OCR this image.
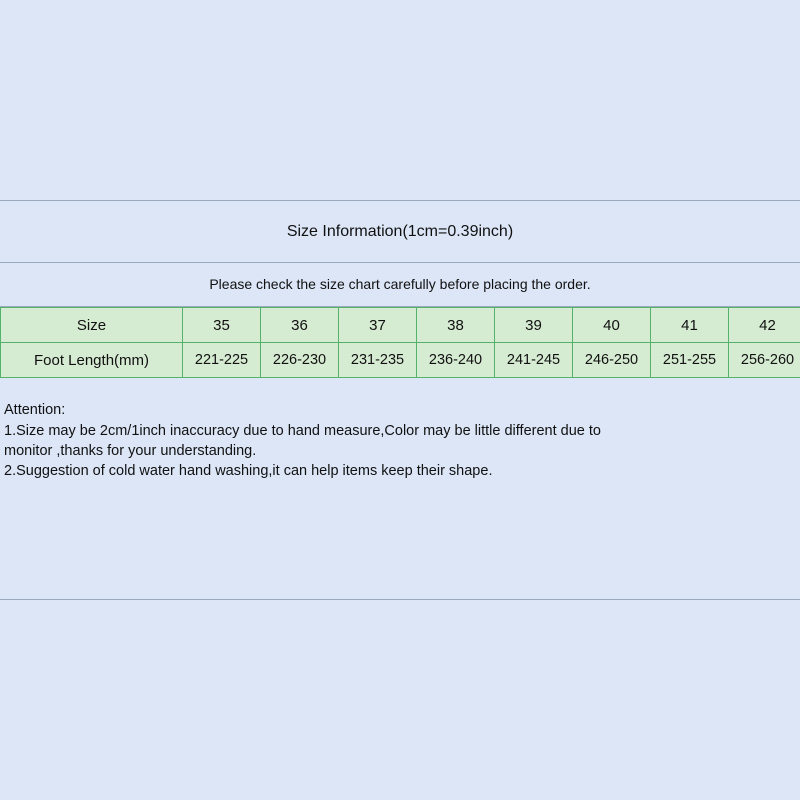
Size Information(1cm=0.39inch)
Please check the size chart carefully before placing the order.
Size	35	36	37	38	39	40	41	42
Foot Length(mm)	221-225	226-230	231-235	236-240	241-245	246-250	251-255	256-260

Attention:

1.Size may be 2cm/1inch inaccuracy due to hand measure,Color may be little different due to

monitor ,thanks for your understanding.

2.Suggestion of cold water hand washing,it can help items keep their shape.
